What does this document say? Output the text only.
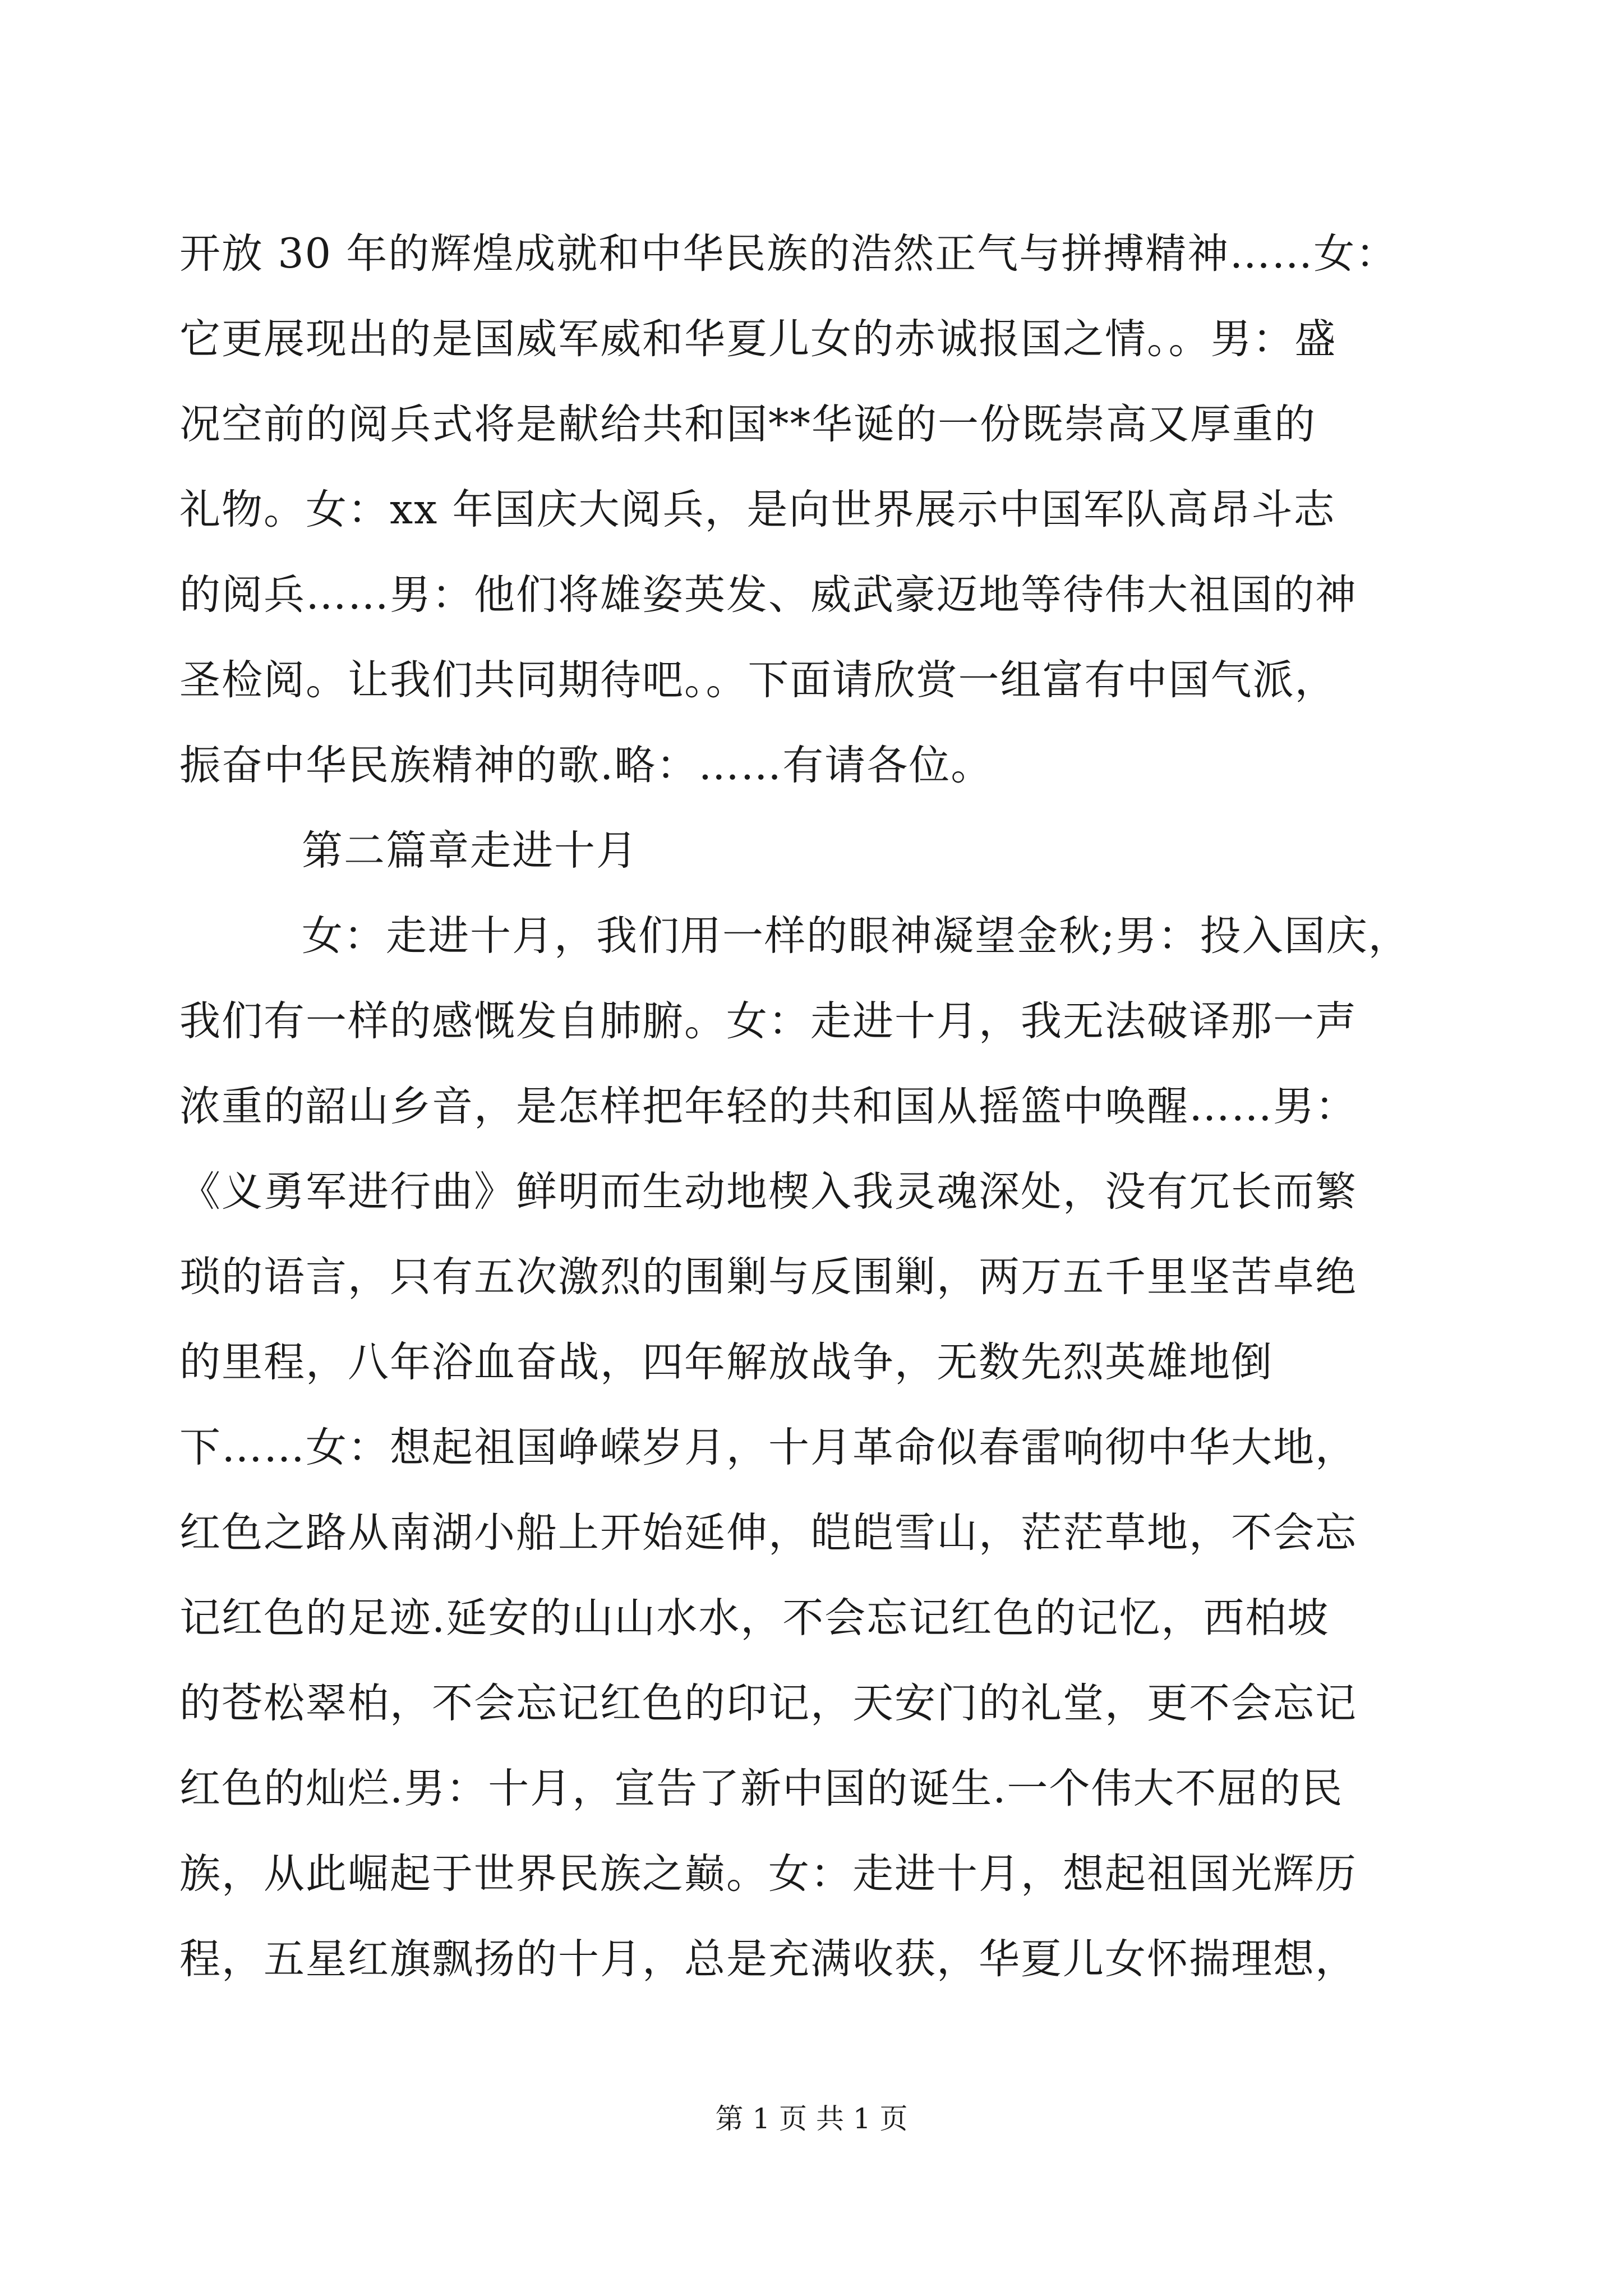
开放 30 年的辉煌成就和中华民族的浩然正气与拼搏精神……女：
它更展现出的是国威军威和华夏儿女的赤诚报国之情。。男：盛
况空前的阅兵式将是献给共和国**华诞的一份既崇高又厚重的
礼物。女：xx 年国庆大阅兵，是向世界展示中国军队高昂斗志
的阅兵……男：他们将雄姿英发、威武豪迈地等待伟大祖国的神
圣检阅。让我们共同期待吧。。下面请欣赏一组富有中国气派，
振奋中华民族精神的歌.略：……有请各位。
第二篇章走进十月
女：走进十月，我们用一样的眼神凝望金秋;男：投入国庆，
我们有一样的感慨发自肺腑。女：走进十月，我无法破译那一声
浓重的韶山乡音，是怎样把年轻的共和国从摇篮中唤醒……男：
《义勇军进行曲》鲜明而生动地楔入我灵魂深处，没有冗长而繁
琐的语言，只有五次激烈的围剿与反围剿，两万五千里坚苦卓绝
的里程，八年浴血奋战，四年解放战争，无数先烈英雄地倒
下……女：想起祖国峥嵘岁月，十月革命似春雷响彻中华大地，
红色之路从南湖小船上开始延伸，皑皑雪山，茫茫草地，不会忘
记红色的足迹.延安的山山水水，不会忘记红色的记忆，西柏坡
的苍松翠柏，不会忘记红色的印记，天安门的礼堂，更不会忘记
红色的灿烂.男：十月，宣告了新中国的诞生.一个伟大不屈的民
族，从此崛起于世界民族之巅。女：走进十月，想起祖国光辉历
程，五星红旗飘扬的十月，总是充满收获，华夏儿女怀揣理想，
第 1 页 共 1 页
